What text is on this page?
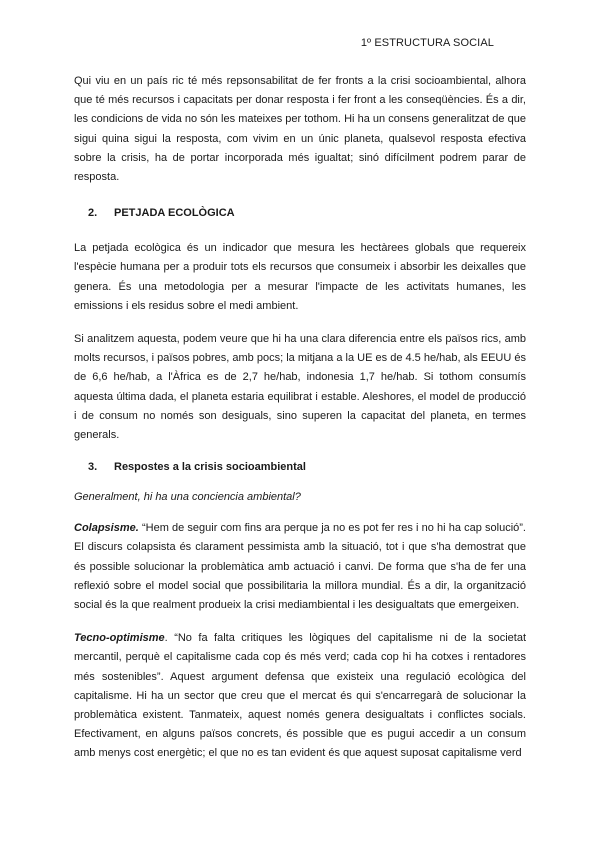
1º ESTRUCTURA SOCIAL

Qui viu en un país ric té més repsonsabilitat de fer fronts a la crisi socioambiental, alhora que té més recursos i capacitats per donar resposta i fer front a les conseqüències. És a dir, les condicions de vida no són les mateixes per tothom. Hi ha un consens generalitzat de que sigui quina sigui la resposta, com vivim en un únic planeta, qualsevol resposta efectiva sobre la crisis, ha de portar incorporada més igualtat; sinó difícilment podrem parar de resposta.

2. PETJADA ECOLÒGICA

La petjada ecològica és un indicador que mesura les hectàrees globals que requereix l'espècie humana per a produir tots els recursos que consumeix i absorbir les deixalles que genera. És una metodologia per a mesurar l'impacte de les activitats humanes, les emissions i els residus sobre el medi ambient.

Si analitzem aquesta, podem veure que hi ha una clara diferencia entre els països rics, amb molts recursos, i països pobres, amb pocs; la mitjana a la UE es de 4.5 he/hab, als EEUU és de 6,6 he/hab, a l'Àfrica es de 2,7 he/hab, indonesia 1,7 he/hab. Si tothom consumís aquesta última dada, el planeta estaria equilibrat i estable. Aleshores, el model de producció i de consum no només son desiguals, sino superen la capacitat del planeta, en termes generals.

3. Respostes a la crisis socioambiental
Generalment, hi ha una conciencia ambiental?

Colapsisme. “Hem de seguir com fins ara perque ja no es pot fer res i no hi ha cap solució”. El discurs colapsista és clarament pessimista amb la situació, tot i que s'ha demostrat que és possible solucionar la problemàtica amb actuació i canvi. De forma que s'ha de fer una reflexió sobre el model social que possibilitaria la millora mundial. És a dir, la organització social és la que realment produeix la crisi mediambiental i les desigualtats que emergeixen.

Tecno-optimisme. “No fa falta critiques les lògiques del capitalisme ni de la societat mercantil, perquè el capitalisme cada cop és més verd; cada cop hi ha cotxes i rentadores més sostenibles”. Aquest argument defensa que existeix una regulació ecològica del capitalisme. Hi ha un sector que creu que el mercat és qui s'encarregarà de solucionar la problemàtica existent. Tanmateix, aquest només genera desigualtats i conflictes socials. Efectivament, en alguns països concrets, és possible que es pugui accedir a un consum amb menys cost energètic; el que no es tan evident és que aquest suposat capitalisme verd
